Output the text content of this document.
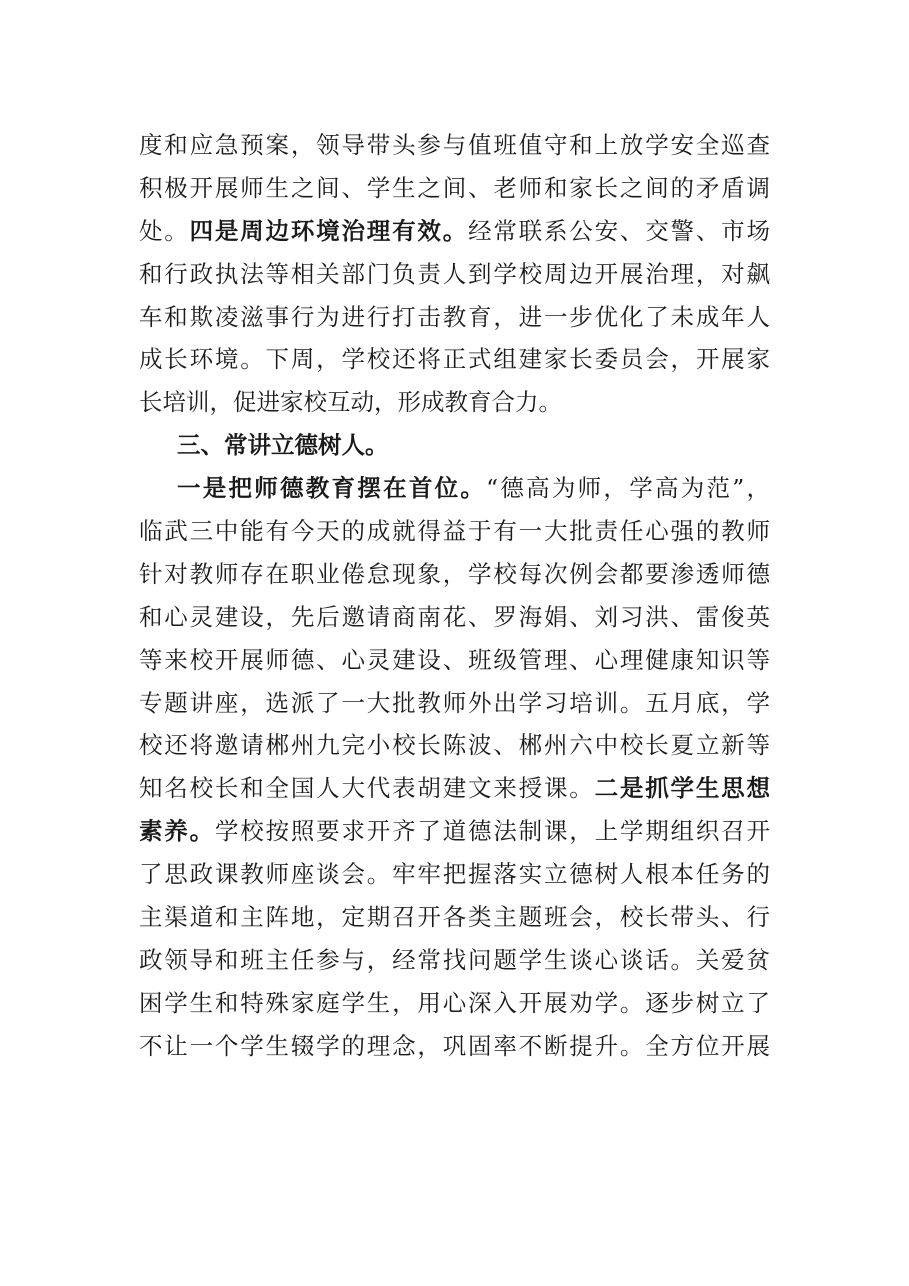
度和应急预案，领导带头参与值班值守和上放学安全巡查
积极开展师生之间、学生之间、老师和家长之间的矛盾调
处。四是周边环境治理有效。经常联系公安、交警、市场
和行政执法等相关部门负责人到学校周边开展治理，对飙
车和欺凌滋事行为进行打击教育，进一步优化了未成年人
成长环境。下周，学校还将正式组建家长委员会，开展家
长培训，促进家校互动，形成教育合力。
三、常讲立德树人。
一是把师德教育摆在首位。“德高为师，学高为范”，
临武三中能有今天的成就得益于有一大批责任心强的教师
针对教师存在职业倦怠现象，学校每次例会都要渗透师德
和心灵建设，先后邀请商南花、罗海娟、刘习洪、雷俊英
等来校开展师德、心灵建设、班级管理、心理健康知识等
专题讲座，选派了一大批教师外出学习培训。五月底，学
校还将邀请郴州九完小校长陈波、郴州六中校长夏立新等
知名校长和全国人大代表胡建文来授课。二是抓学生思想
素养。学校按照要求开齐了道德法制课，上学期组织召开
了思政课教师座谈会。牢牢把握落实立德树人根本任务的
主渠道和主阵地，定期召开各类主题班会，校长带头、行
政领导和班主任参与，经常找问题学生谈心谈话。关爱贫
困学生和特殊家庭学生，用心深入开展劝学。逐步树立了
不让一个学生辍学的理念，巩固率不断提升。全方位开展
